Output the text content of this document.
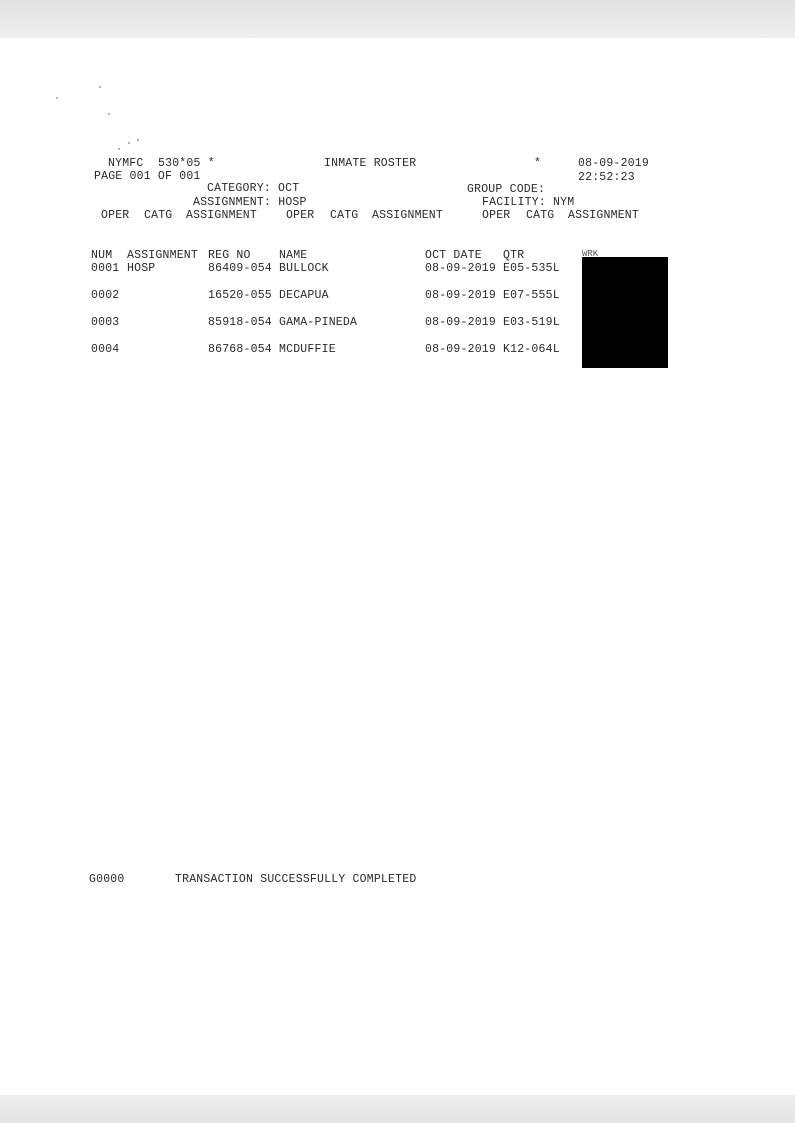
NYMFC 530*05 *	INMATE ROSTER	*	08-09-2019
PAGE 001 OF 001	22:52:23
CATEGORY: OCT	GROUP CODE:
ASSIGNMENT: HOSP	FACILITY: NYM
OPER CATG ASSIGNMENT	OPER CATG ASSIGNMENT	OPER CATG ASSIGNMENT
NUM ASSIGNMENT REG NO NAME	OCT DATE QTR	WRK
0001 HOSP	86409-054 BULLOCK	08-09-2019 E05-535L
0002	16520-055 DECAPUA	08-09-2019 E07-555L
0003	85918-054 GAMA-PINEDA	08-09-2019 E03-519L
0004	86768-054 MCDUFFIE	08-09-2019 K12-064L
G0000	TRANSACTION SUCCESSFULLY COMPLETED
